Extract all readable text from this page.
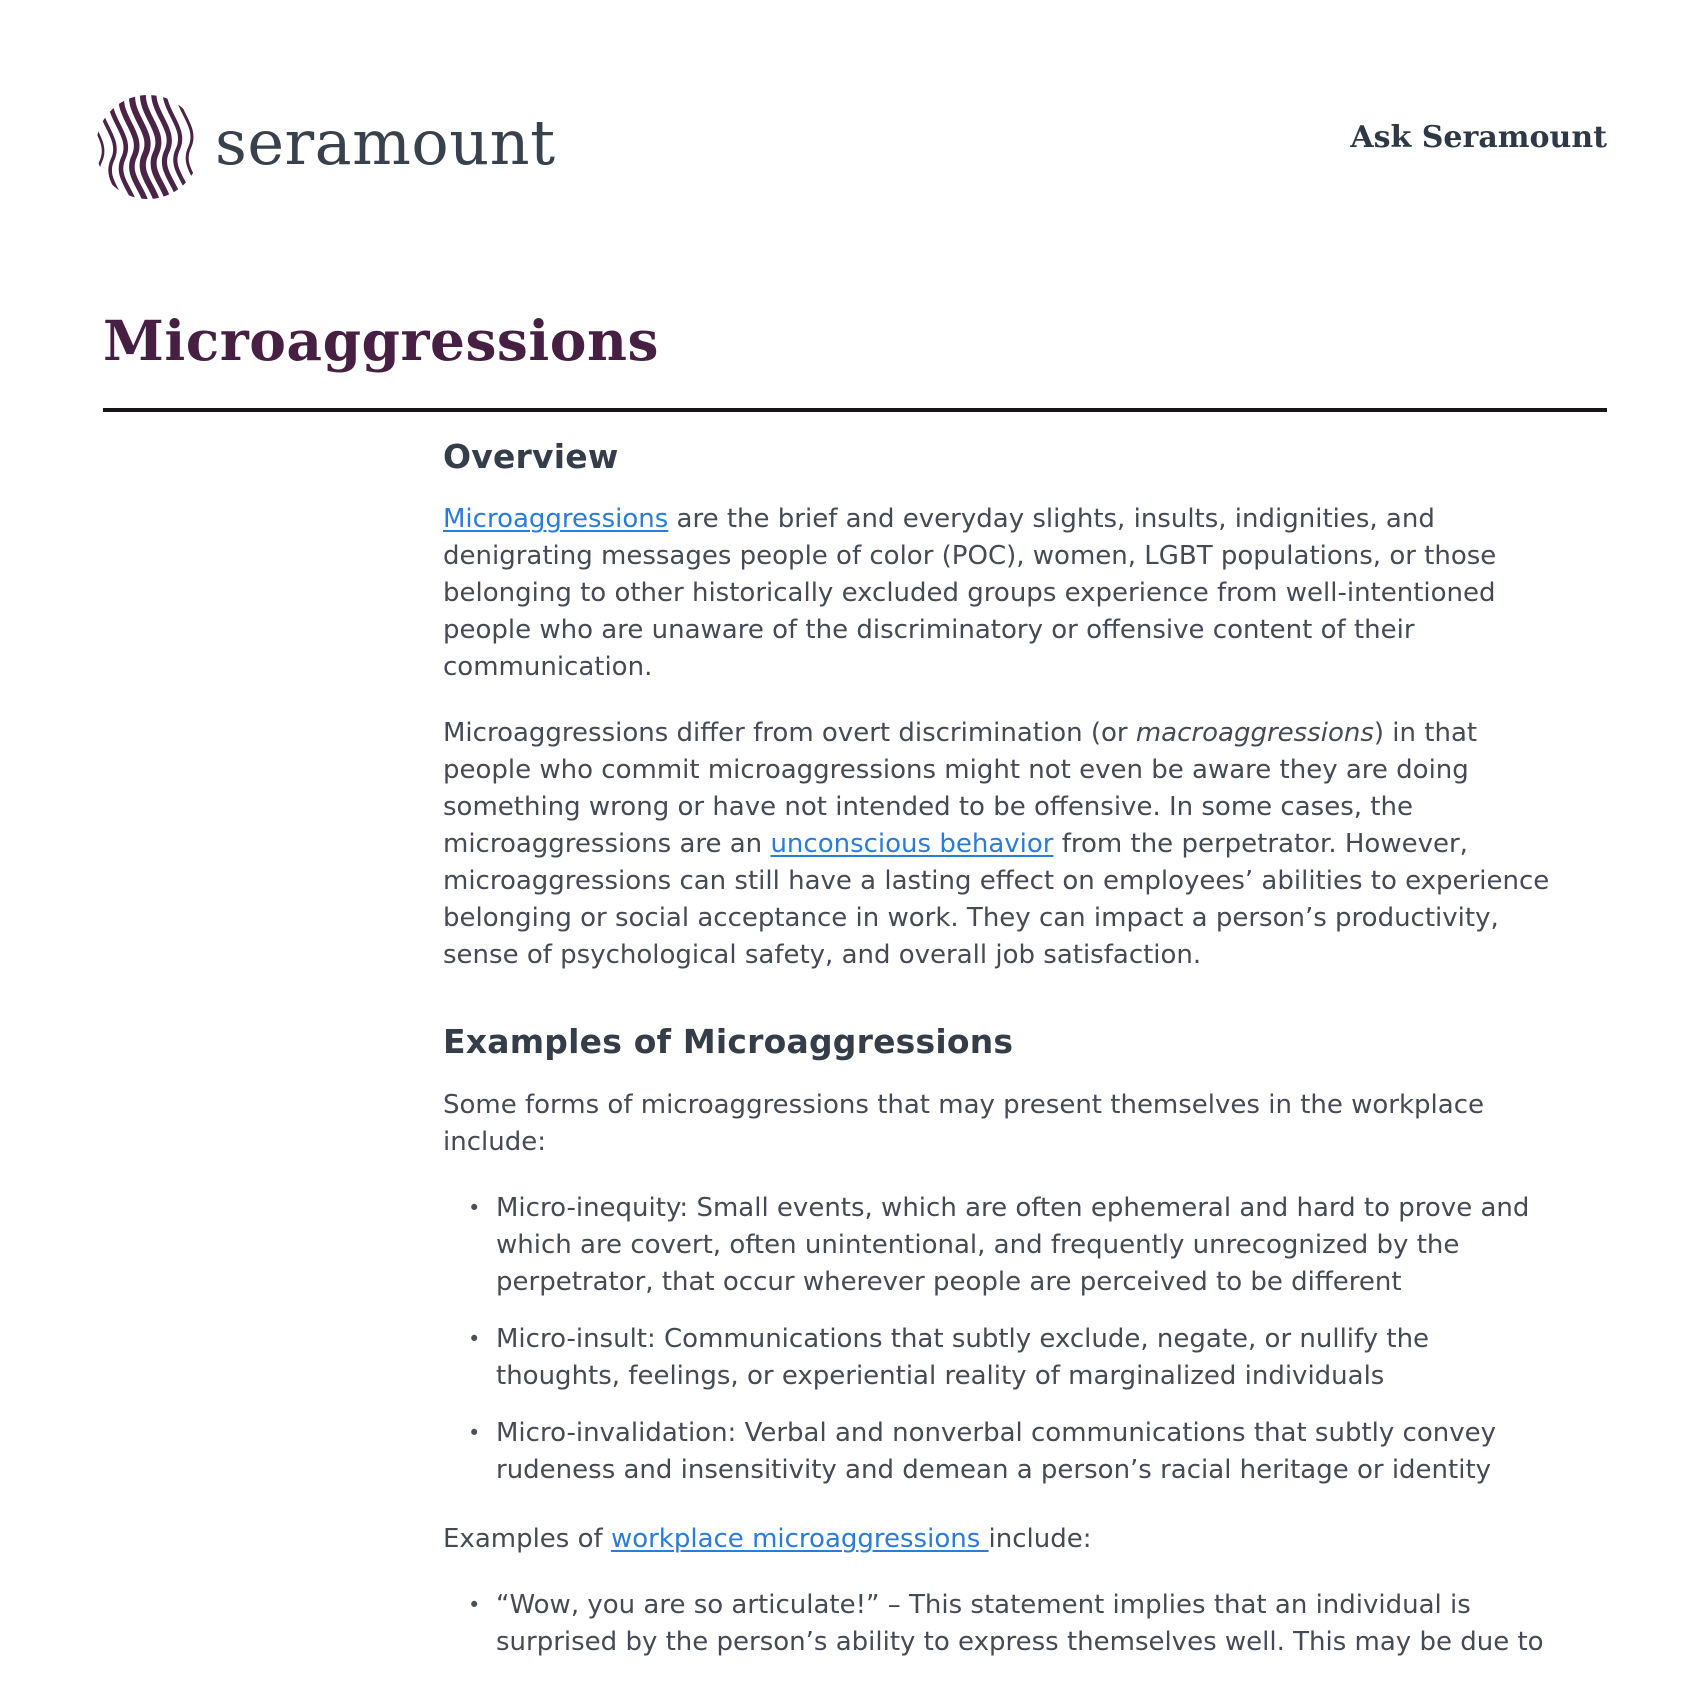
seramount	Ask Seramount
Microaggressions
Overview

Microaggressions are the brief and everyday slights, insults, indignities, and denigrating messages people of color (POC), women, LGBT populations, or those belonging to other historically excluded groups experience from well-intentioned people who are unaware of the discriminatory or offensive content of their communication.

Microaggressions differ from overt discrimination (or macroaggressions) in that people who commit microaggressions might not even be aware they are doing something wrong or have not intended to be offensive. In some cases, the microaggressions are an unconscious behavior from the perpetrator. However, microaggressions can still have a lasting effect on employees’ abilities to experience belonging or social acceptance in work. They can impact a person’s productivity, sense of psychological safety, and overall job satisfaction.

Examples of Microaggressions

Some forms of microaggressions that may present themselves in the workplace include:

• Micro-inequity: Small events, which are often ephemeral and hard to prove and which are covert, often unintentional, and frequently unrecognized by the perpetrator, that occur wherever people are perceived to be different
• Micro-insult: Communications that subtly exclude, negate, or nullify the thoughts, feelings, or experiential reality of marginalized individuals
• Micro-invalidation: Verbal and nonverbal communications that subtly convey rudeness and insensitivity and demean a person’s racial heritage or identity

Examples of workplace microaggressions include:

• “Wow, you are so articulate!” – This statement implies that an individual is surprised by the person’s ability to express themselves well. This may be due to
